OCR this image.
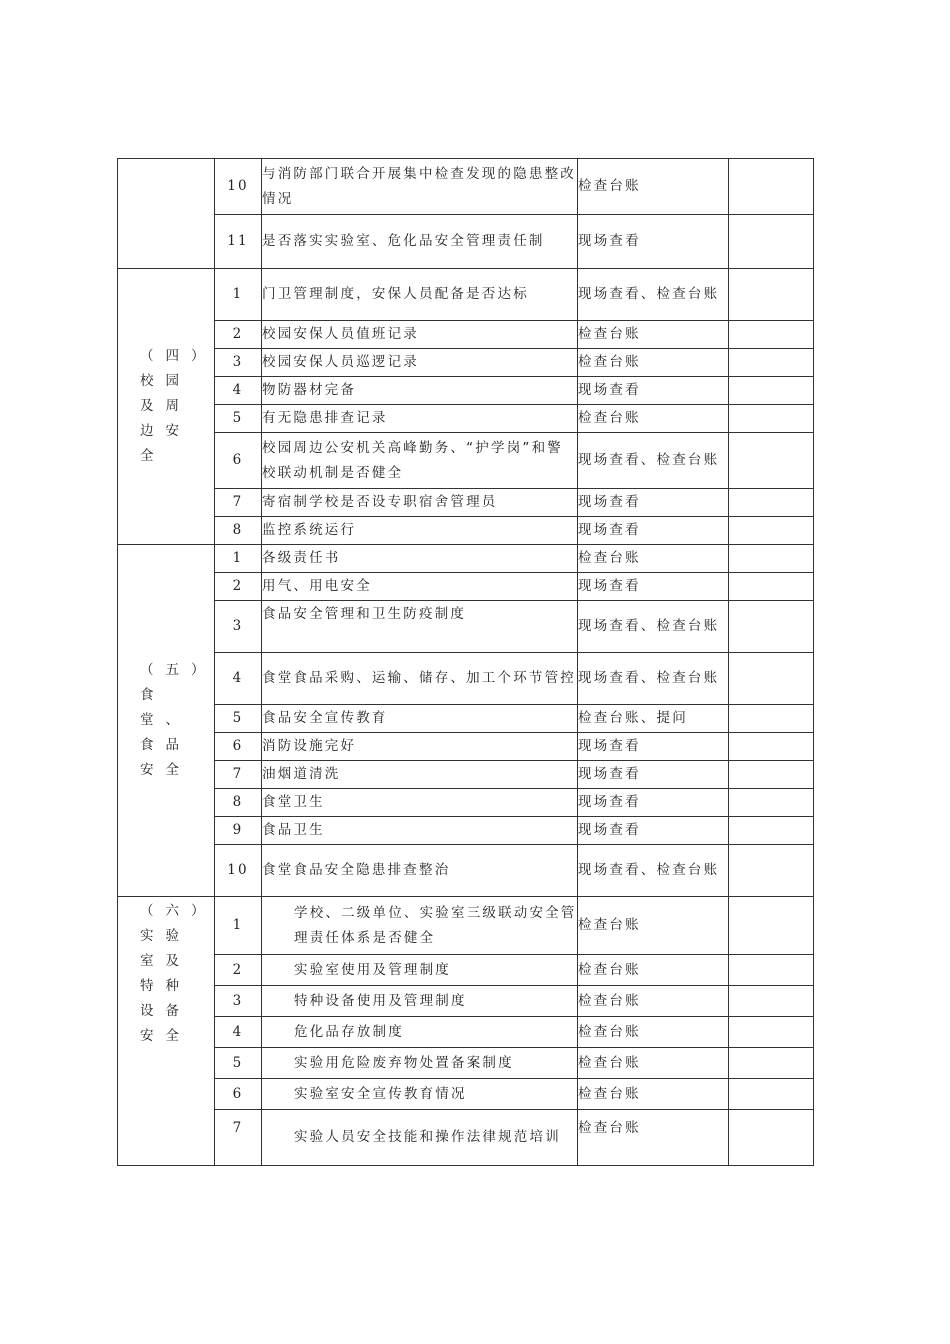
	10	与消防部门联合开展集中检查发现的隐患整改情况	检查台账	
	11	是否落实实验室、危化品安全管理责任制	现场查看	
（四）校园及周边安全	1	门卫管理制度，安保人员配备是否达标	现场查看、检查台账	
	2	校园安保人员值班记录	检查台账	
	3	校园安保人员巡逻记录	检查台账	
	4	物防器材完备	现场查看	
	5	有无隐患排查记录	检查台账	
	6	校园周边公安机关高峰勤务、“护学岗”和警校联动机制是否健全	现场查看、检查台账	
	7	寄宿制学校是否设专职宿舍管理员	现场查看	
	8	监控系统运行	现场查看	
（五）食堂、食品安全	1	各级责任书	检查台账	
	2	用气、用电安全	现场查看	
	3	食品安全管理和卫生防疫制度	现场查看、检查台账	
	4	食堂食品采购、运输、储存、加工个环节管控	现场查看、检查台账	
	5	食品安全宣传教育	检查台账、提问	
	6	消防设施完好	现场查看	
	7	油烟道清洗	现场查看	
	8	食堂卫生	现场查看	
	9	食品卫生	现场查看	
	10	食堂食品安全隐患排查整治	现场查看、检查台账	
（六）实验室及特种设备安全	1	学校、二级单位、实验室三级联动安全管理责任体系是否健全	检查台账	
	2	实验室使用及管理制度	检查台账	
	3	特种设备使用及管理制度	检查台账	
	4	危化品存放制度	检查台账	
	5	实验用危险废弃物处置备案制度	检查台账	
	6	实验室安全宣传教育情况	检查台账	
	7	实验人员安全技能和操作法律规范培训	检查台账	
